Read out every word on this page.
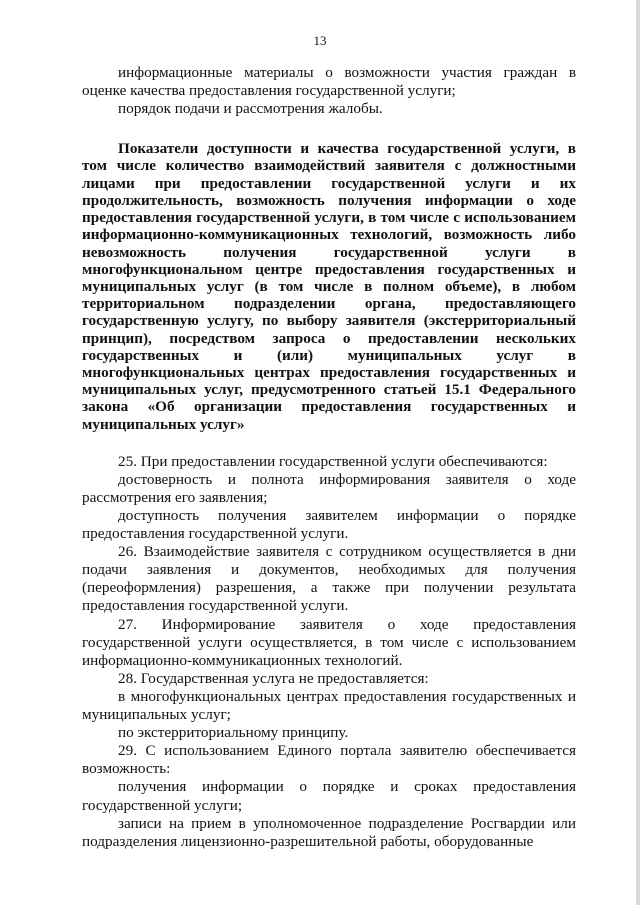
13

информационные материалы о возможности участия граждан в оценке качества предоставления государственной услуги;

порядок подачи и рассмотрения жалобы.

Показатели доступности и качества государственной услуги, в том числе количество взаимодействий заявителя с должностными лицами при предоставлении государственной услуги и их продолжительность, возможность получения информации о ходе предоставления государственной услуги, в том числе с использованием информационно-коммуникационных технологий, возможность либо невозможность получения государственной услуги в многофункциональном центре предоставления государственных и муниципальных услуг (в том числе в полном объеме), в любом территориальном подразделении органа, предоставляющего государственную услугу, по выбору заявителя (экстерриториальный принцип), посредством запроса о предоставлении нескольких государственных и (или) муниципальных услуг в многофункциональных центрах предоставления государственных и муниципальных услуг, предусмотренного статьей 15.1 Федерального закона «Об организации предоставления государственных и муниципальных услуг»

25. При предоставлении государственной услуги обеспечиваются:

достоверность и полнота информирования заявителя о ходе рассмотрения его заявления;

доступность получения заявителем информации о порядке предоставления государственной услуги.

26. Взаимодействие заявителя с сотрудником осуществляется в дни подачи заявления и документов, необходимых для получения (переоформления) разрешения, а также при получении результата предоставления государственной услуги.

27. Информирование заявителя о ходе предоставления государственной услуги осуществляется, в том числе с использованием информационно-коммуникационных технологий.

28. Государственная услуга не предоставляется:

в многофункциональных центрах предоставления государственных и муниципальных услуг;

по экстерриториальному принципу.

29. С использованием Единого портала заявителю обеспечивается возможность:

получения информации о порядке и сроках предоставления государственной услуги;

записи на прием в уполномоченное подразделение Росгвардии или подразделения лицензионно-разрешительной работы, оборудованные
